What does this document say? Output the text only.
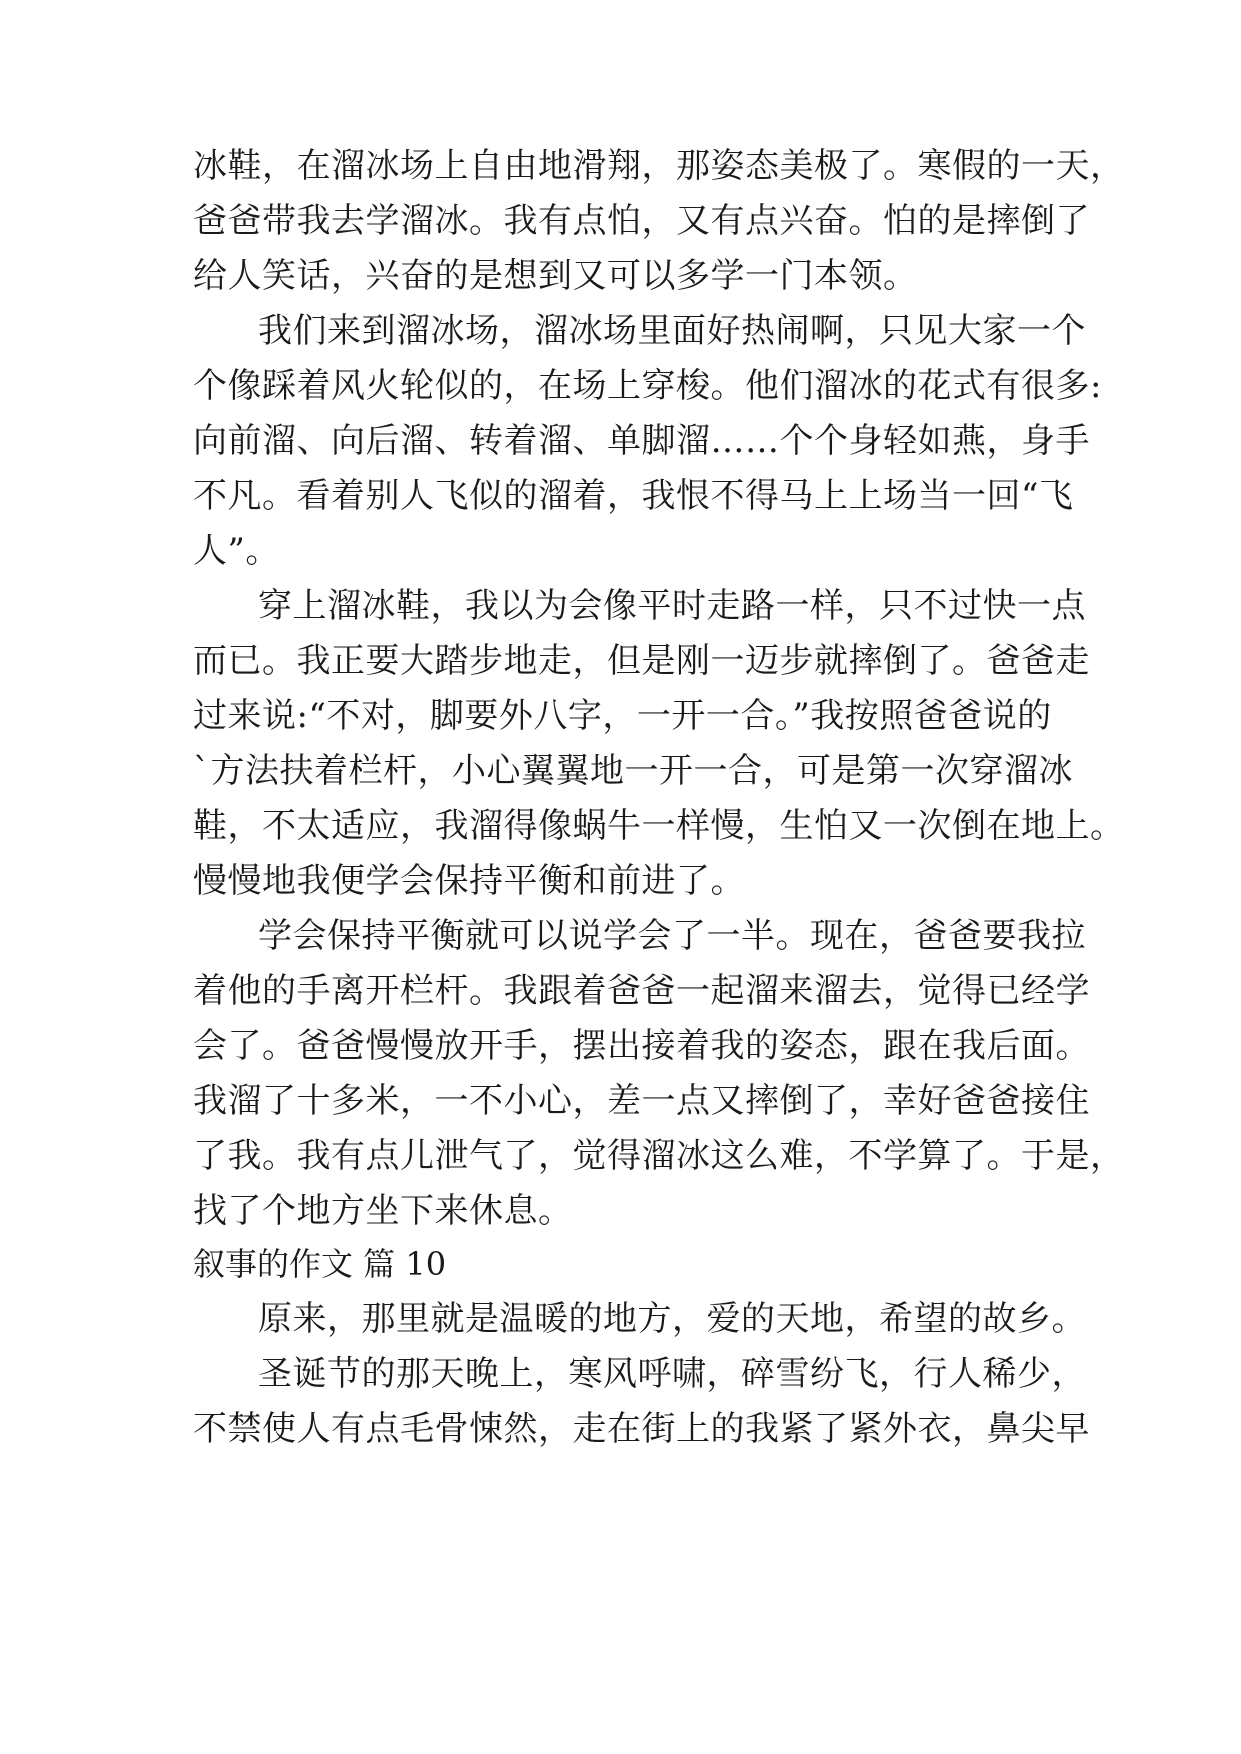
冰鞋，在溜冰场上自由地滑翔，那姿态美极了。寒假的一天，
爸爸带我去学溜冰。我有点怕，又有点兴奋。怕的是摔倒了
给人笑话，兴奋的是想到又可以多学一门本领。
我们来到溜冰场，溜冰场里面好热闹啊，只见大家一个
个像踩着风火轮似的，在场上穿梭。他们溜冰的花式有很多:
向前溜、向后溜、转着溜、单脚溜……个个身轻如燕，身手
不凡。看着别人飞似的溜着，我恨不得马上上场当一回“飞
人”。
穿上溜冰鞋，我以为会像平时走路一样，只不过快一点
而已。我正要大踏步地走，但是刚一迈步就摔倒了。爸爸走
过来说:“不对，脚要外八字，一开一合。”我按照爸爸说的
`方法扶着栏杆，小心翼翼地一开一合，可是第一次穿溜冰
鞋，不太适应，我溜得像蜗牛一样慢，生怕又一次倒在地上。
慢慢地我便学会保持平衡和前进了。
学会保持平衡就可以说学会了一半。现在，爸爸要我拉
着他的手离开栏杆。我跟着爸爸一起溜来溜去，觉得已经学
会了。爸爸慢慢放开手，摆出接着我的姿态，跟在我后面。
我溜了十多米，一不小心，差一点又摔倒了，幸好爸爸接住
了我。我有点儿泄气了，觉得溜冰这么难，不学算了。于是，
找了个地方坐下来休息。
叙事的作文 篇 10
原来，那里就是温暖的地方，爱的天地，希望的故乡。
圣诞节的那天晚上，寒风呼啸，碎雪纷飞，行人稀少，
不禁使人有点毛骨悚然，走在街上的我紧了紧外衣，鼻尖早
